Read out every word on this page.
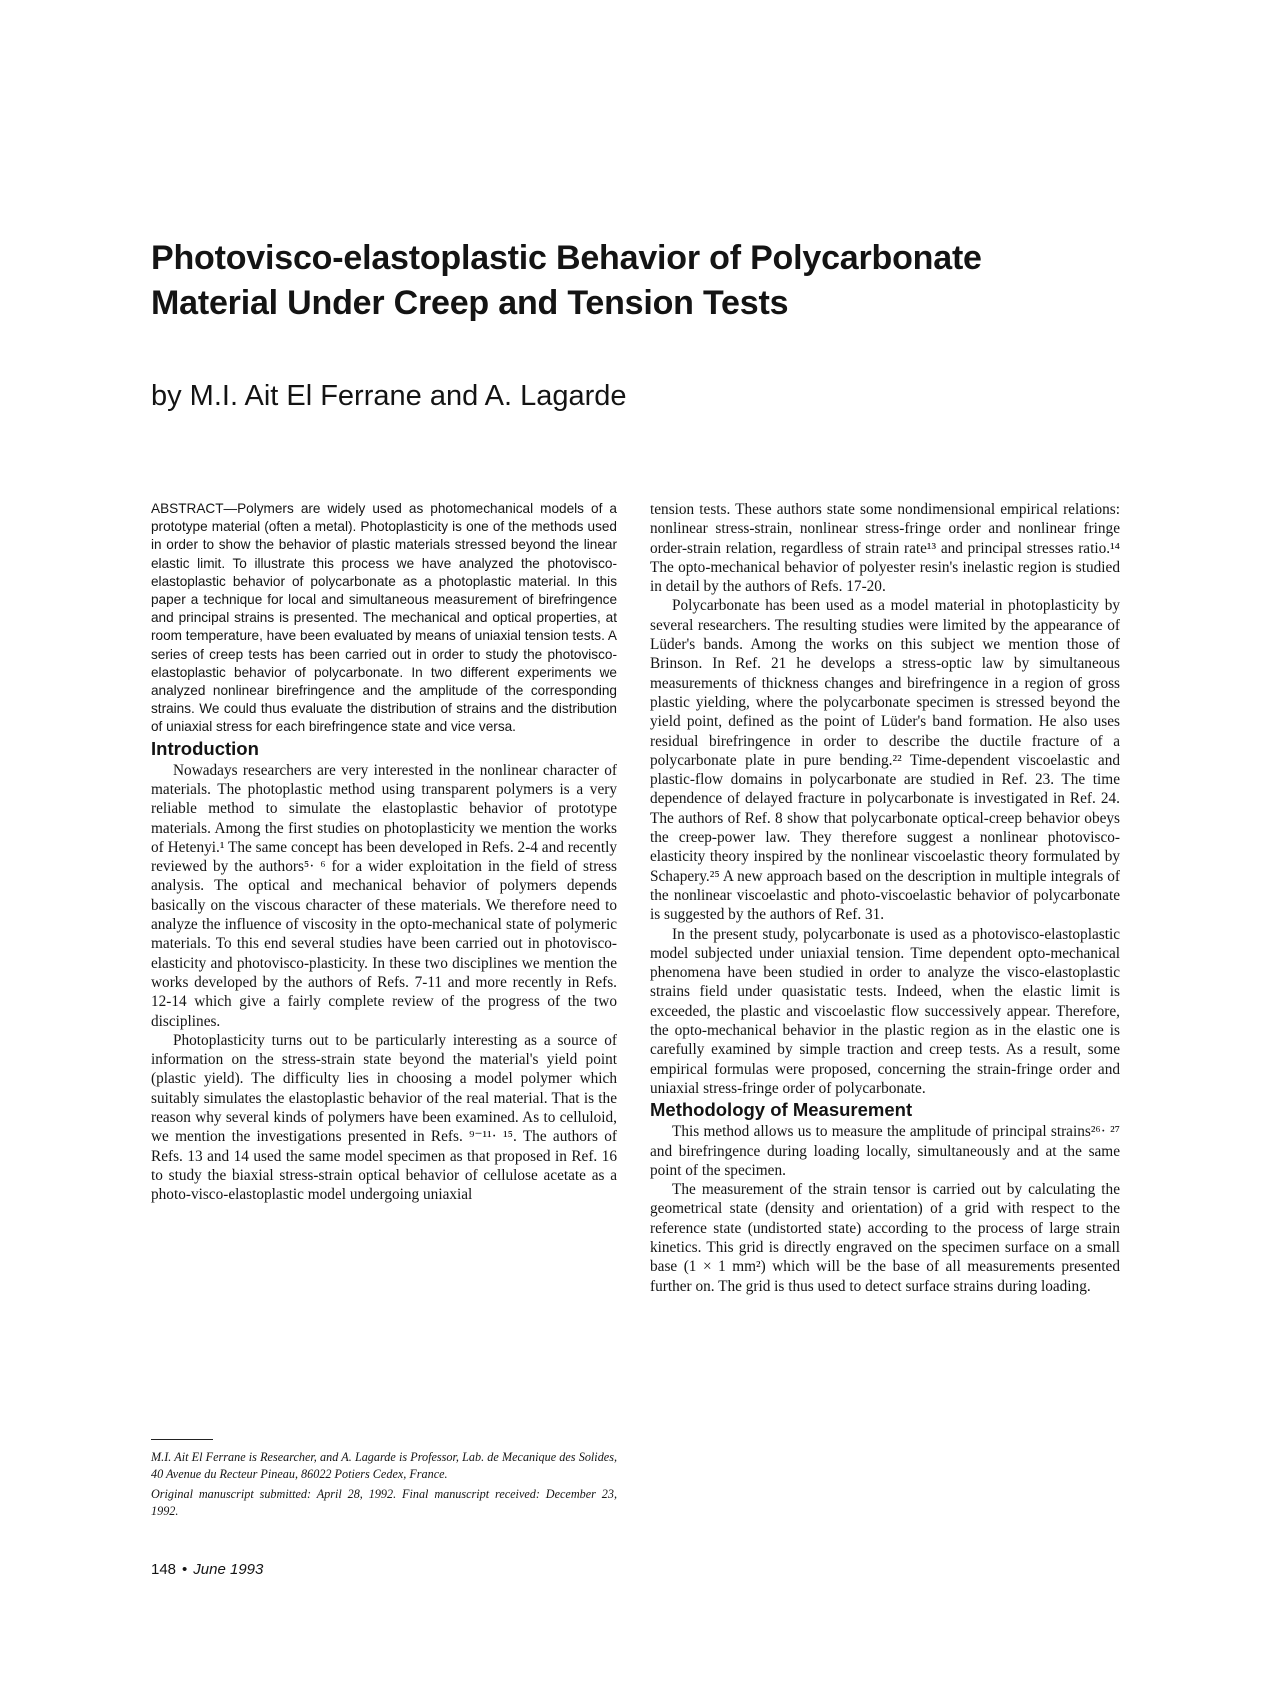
Photovisco-elastoplastic Behavior of Polycarbonate
Material Under Creep and Tension Tests

by M.I. Ait El Ferrane and A. Lagarde

ABSTRACT—Polymers are widely used as photomechanical models of a prototype material (often a metal). Photoplasticity is one of the methods used in order to show the behavior of plastic materials stressed beyond the linear elastic limit. To illustrate this process we have analyzed the photovisco-elastoplastic behavior of polycarbonate as a photoplastic material. In this paper a technique for local and simultaneous measurement of birefringence and principal strains is presented. The mechanical and optical properties, at room temperature, have been evaluated by means of uniaxial tension tests. A series of creep tests has been carried out in order to study the photovisco-elastoplastic behavior of polycarbonate. In two different experiments we analyzed nonlinear birefringence and the amplitude of the corresponding strains. We could thus evaluate the distribution of strains and the distribution of uniaxial stress for each birefringence state and vice versa.

Introduction

Nowadays researchers are very interested in the nonlinear character of materials. The photoplastic method using transparent polymers is a very reliable method to simulate the elastoplastic behavior of prototype materials. Among the first studies on photoplasticity we mention the works of Hetenyi.¹ The same concept has been developed in Refs. 2-4 and recently reviewed by the authors⁵· ⁶ for a wider exploitation in the field of stress analysis. The optical and mechanical behavior of polymers depends basically on the viscous character of these materials. We therefore need to analyze the influence of viscosity in the opto-mechanical state of polymeric materials. To this end several studies have been carried out in photovisco-elasticity and photovisco-plasticity. In these two disciplines we mention the works developed by the authors of Refs. 7-11 and more recently in Refs. 12-14 which give a fairly complete review of the progress of the two disciplines.

Photoplasticity turns out to be particularly interesting as a source of information on the stress-strain state beyond the material's yield point (plastic yield). The difficulty lies in choosing a model polymer which suitably simulates the elastoplastic behavior of the real material. That is the reason why several kinds of polymers have been examined. As to celluloid, we mention the investigations presented in Refs. ⁹⁻¹¹· ¹⁵. The authors of Refs. 13 and 14 used the same model specimen as that proposed in Ref. 16 to study the biaxial stress-strain optical behavior of cellulose acetate as a photo-visco-elastoplastic model undergoing uniaxial

M.I. Ait El Ferrane is Researcher, and A. Lagarde is Professor, Lab. de Mecanique des Solides, 40 Avenue du Recteur Pineau, 86022 Potiers Cedex, France.

Original manuscript submitted: April 28, 1992. Final manuscript received: December 23, 1992.

tension tests. These authors state some nondimensional empirical relations: nonlinear stress-strain, nonlinear stress-fringe order and nonlinear fringe order-strain relation, regardless of strain rate¹³ and principal stresses ratio.¹⁴ The opto-mechanical behavior of polyester resin's inelastic region is studied in detail by the authors of Refs. 17-20.

Polycarbonate has been used as a model material in photoplasticity by several researchers. The resulting studies were limited by the appearance of Lüder's bands. Among the works on this subject we mention those of Brinson. In Ref. 21 he develops a stress-optic law by simultaneous measurements of thickness changes and birefringence in a region of gross plastic yielding, where the polycarbonate specimen is stressed beyond the yield point, defined as the point of Lüder's band formation. He also uses residual birefringence in order to describe the ductile fracture of a polycarbonate plate in pure bending.²² Time-dependent viscoelastic and plastic-flow domains in polycarbonate are studied in Ref. 23. The time dependence of delayed fracture in polycarbonate is investigated in Ref. 24. The authors of Ref. 8 show that polycarbonate optical-creep behavior obeys the creep-power law. They therefore suggest a nonlinear photovisco-elasticity theory inspired by the nonlinear viscoelastic theory formulated by Schapery.²⁵ A new approach based on the description in multiple integrals of the nonlinear viscoelastic and photo-viscoelastic behavior of polycarbonate is suggested by the authors of Ref. 31.

In the present study, polycarbonate is used as a photovisco-elastoplastic model subjected under uniaxial tension. Time dependent opto-mechanical phenomena have been studied in order to analyze the visco-elastoplastic strains field under quasistatic tests. Indeed, when the elastic limit is exceeded, the plastic and viscoelastic flow successively appear. Therefore, the opto-mechanical behavior in the plastic region as in the elastic one is carefully examined by simple traction and creep tests. As a result, some empirical formulas were proposed, concerning the strain-fringe order and uniaxial stress-fringe order of polycarbonate.

Methodology of Measurement

This method allows us to measure the amplitude of principal strains²⁶· ²⁷ and birefringence during loading locally, simultaneously and at the same point of the specimen.

The measurement of the strain tensor is carried out by calculating the geometrical state (density and orientation) of a grid with respect to the reference state (undistorted state) according to the process of large strain kinetics. This grid is directly engraved on the specimen surface on a small base (1 × 1 mm²) which will be the base of all measurements presented further on. The grid is thus used to detect surface strains during loading.

148 • June 1993
